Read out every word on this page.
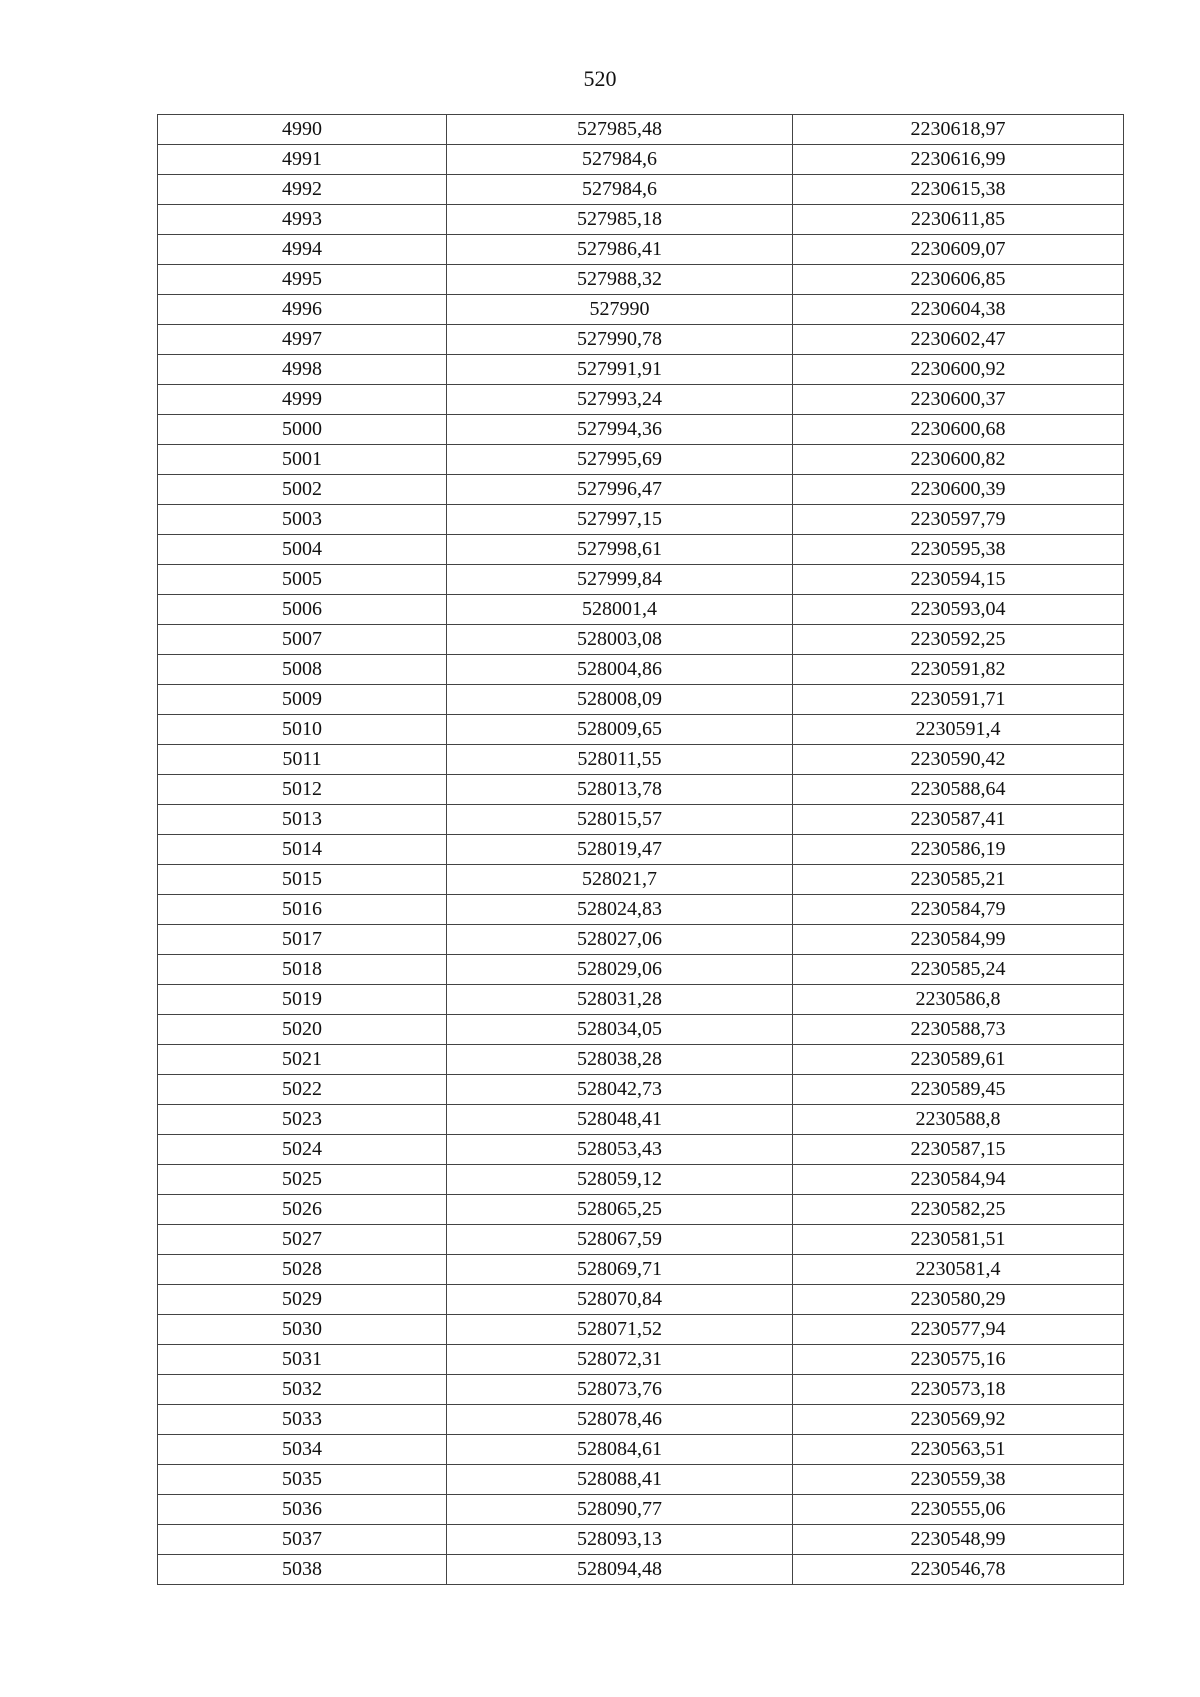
520
4990	527985,48	2230618,97
4991	527984,6	2230616,99
4992	527984,6	2230615,38
4993	527985,18	2230611,85
4994	527986,41	2230609,07
4995	527988,32	2230606,85
4996	527990	2230604,38
4997	527990,78	2230602,47
4998	527991,91	2230600,92
4999	527993,24	2230600,37
5000	527994,36	2230600,68
5001	527995,69	2230600,82
5002	527996,47	2230600,39
5003	527997,15	2230597,79
5004	527998,61	2230595,38
5005	527999,84	2230594,15
5006	528001,4	2230593,04
5007	528003,08	2230592,25
5008	528004,86	2230591,82
5009	528008,09	2230591,71
5010	528009,65	2230591,4
5011	528011,55	2230590,42
5012	528013,78	2230588,64
5013	528015,57	2230587,41
5014	528019,47	2230586,19
5015	528021,7	2230585,21
5016	528024,83	2230584,79
5017	528027,06	2230584,99
5018	528029,06	2230585,24
5019	528031,28	2230586,8
5020	528034,05	2230588,73
5021	528038,28	2230589,61
5022	528042,73	2230589,45
5023	528048,41	2230588,8
5024	528053,43	2230587,15
5025	528059,12	2230584,94
5026	528065,25	2230582,25
5027	528067,59	2230581,51
5028	528069,71	2230581,4
5029	528070,84	2230580,29
5030	528071,52	2230577,94
5031	528072,31	2230575,16
5032	528073,76	2230573,18
5033	528078,46	2230569,92
5034	528084,61	2230563,51
5035	528088,41	2230559,38
5036	528090,77	2230555,06
5037	528093,13	2230548,99
5038	528094,48	2230546,78
